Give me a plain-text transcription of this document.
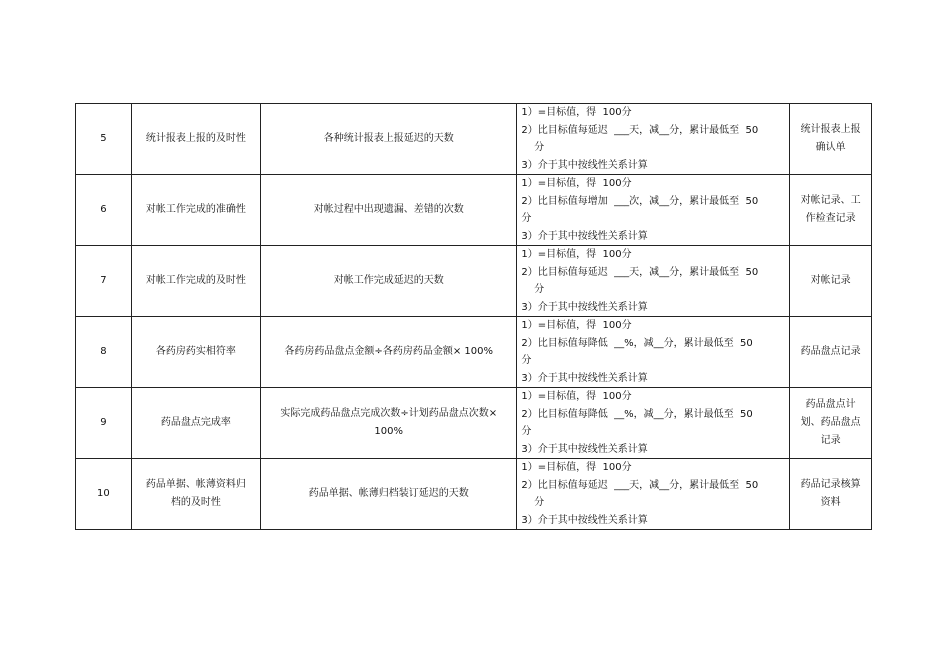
5	统计报表上报的及时性	各种统计报表上报延迟的天数	1）=目标值，得  100分
2）比目标值每延迟  ___天，减__分，累计最低至  50
分
3）介于其中按线性关系计算	统计报表上报确认单

6	对帐工作完成的准确性	对帐过程中出现遗漏、差错的次数	1）=目标值，得  100分
2）比目标值每增加  ___次，减__分，累计最低至  50
分
3）介于其中按线性关系计算	对帐记录、工作检查记录

7	对帐工作完成的及时性	对帐工作完成延迟的天数	1）=目标值，得  100分
2）比目标值每延迟  ___天，减__分，累计最低至  50
分
3）介于其中按线性关系计算	对帐记录

8	各药房药实相符率	各药房药品盘点金额÷各药房药品金额× 100%	1）=目标值，得  100分
2）比目标值每降低  __%，减__分，累计最低至  50
分
3）介于其中按线性关系计算	药品盘点记录

9	药品盘点完成率	实际完成药品盘点完成次数÷计划药品盘点次数× 100%	1）=目标值，得  100分
2）比目标值每降低  __%，减__分，累计最低至  50
分
3）介于其中按线性关系计算	药品盘点计划、药品盘点记录

10	药品单据、帐薄资料归档的及时性	药品单据、帐薄归档装订延迟的天数	1）=目标值，得  100分
2）比目标值每延迟  ___天，减__分，累计最低至  50
分
3）介于其中按线性关系计算	药品记录核算资料
